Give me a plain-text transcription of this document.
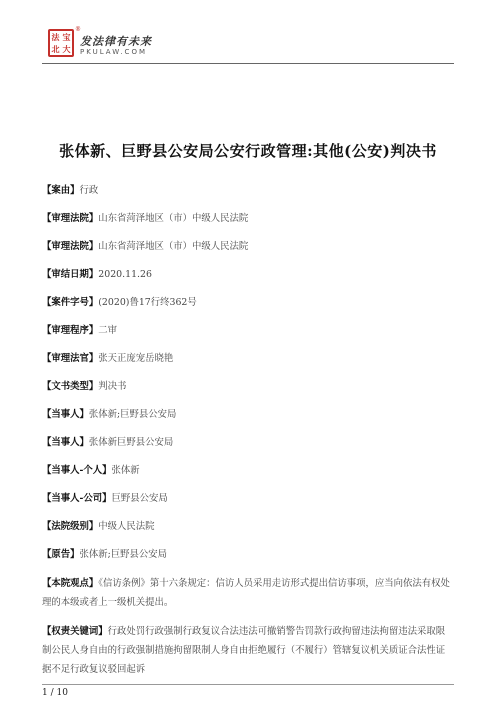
法 宝
北 大
®
发法律有未来
PKULAW.COM
张体新、巨野县公安局公安行政管理:其他(公安)判决书
【案由】行政
【审理法院】山东省菏泽地区（市）中级人民法院
【审理法院】山东省菏泽地区（市）中级人民法院
【审结日期】2020.11.26
【案件字号】(2020)鲁17行终362号
【审理程序】二审
【审理法官】张天正庞宠岳晓艳
【文书类型】判决书
【当事人】张体新;巨野县公安局
【当事人】张体新巨野县公安局
【当事人-个人】张体新
【当事人-公司】巨野县公安局
【法院级别】中级人民法院
【原告】张体新;巨野县公安局
【本院观点】《信访条例》第十六条规定：信访人员采用走访形式提出信访事项，应当向依法有权处理的本级或者上一级机关提出。
【权责关键词】行政处罚行政强制行政复议合法违法可撤销警告罚款行政拘留违法拘留违法采取限制公民人身自由的行政强制措施拘留限制人身自由拒绝履行（不履行）管辖复议机关质证合法性证据不足行政复议驳回起诉
1 / 10
